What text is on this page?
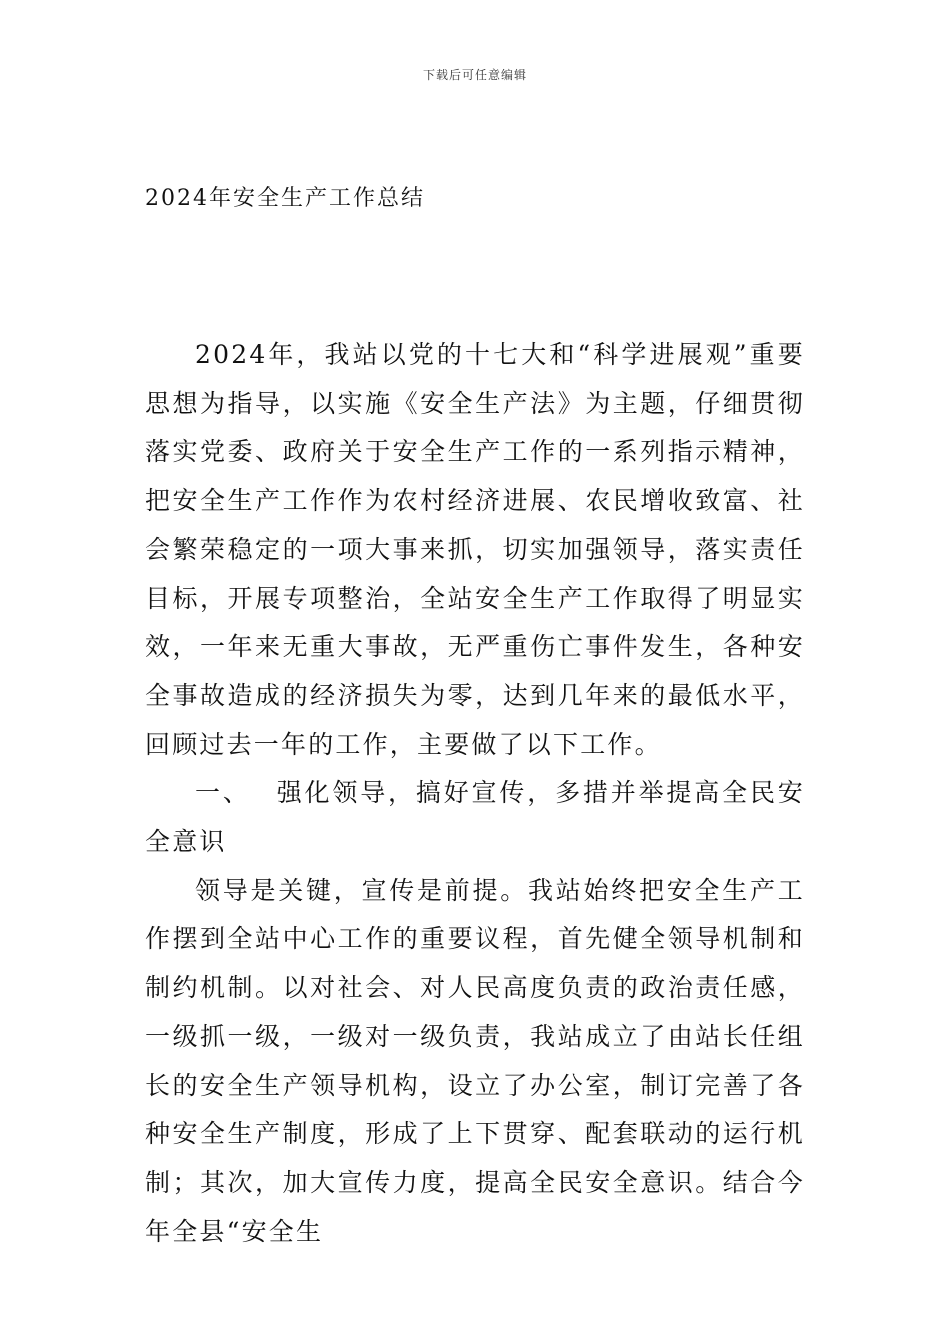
下载后可任意编辑
2024年安全生产工作总结

2024年，我站以党的十七大和“科学进展观”重要思想为指导，以实施《安全生产法》为主题，仔细贯彻落实党委、政府关于安全生产工作的一系列指示精神，把安全生产工作作为农村经济进展、农民增收致富、社会繁荣稳定的一项大事来抓，切实加强领导，落实责任目标，开展专项整治，全站安全生产工作取得了明显实效，一年来无重大事故，无严重伤亡事件发生，各种安全事故造成的经济损失为零，达到几年来的最低水平，回顾过去一年的工作，主要做了以下工作。

一、 强化领导，搞好宣传，多措并举提高全民安全意识

领导是关键，宣传是前提。我站始终把安全生产工作摆到全站中心工作的重要议程，首先健全领导机制和制约机制。以对社会、对人民高度负责的政治责任感，一级抓一级，一级对一级负责，我站成立了由站长任组长的安全生产领导机构，设立了办公室，制订完善了各种安全生产制度，形成了上下贯穿、配套联动的运行机制；其次，加大宣传力度，提高全民安全意识。结合今年全县“安全生
